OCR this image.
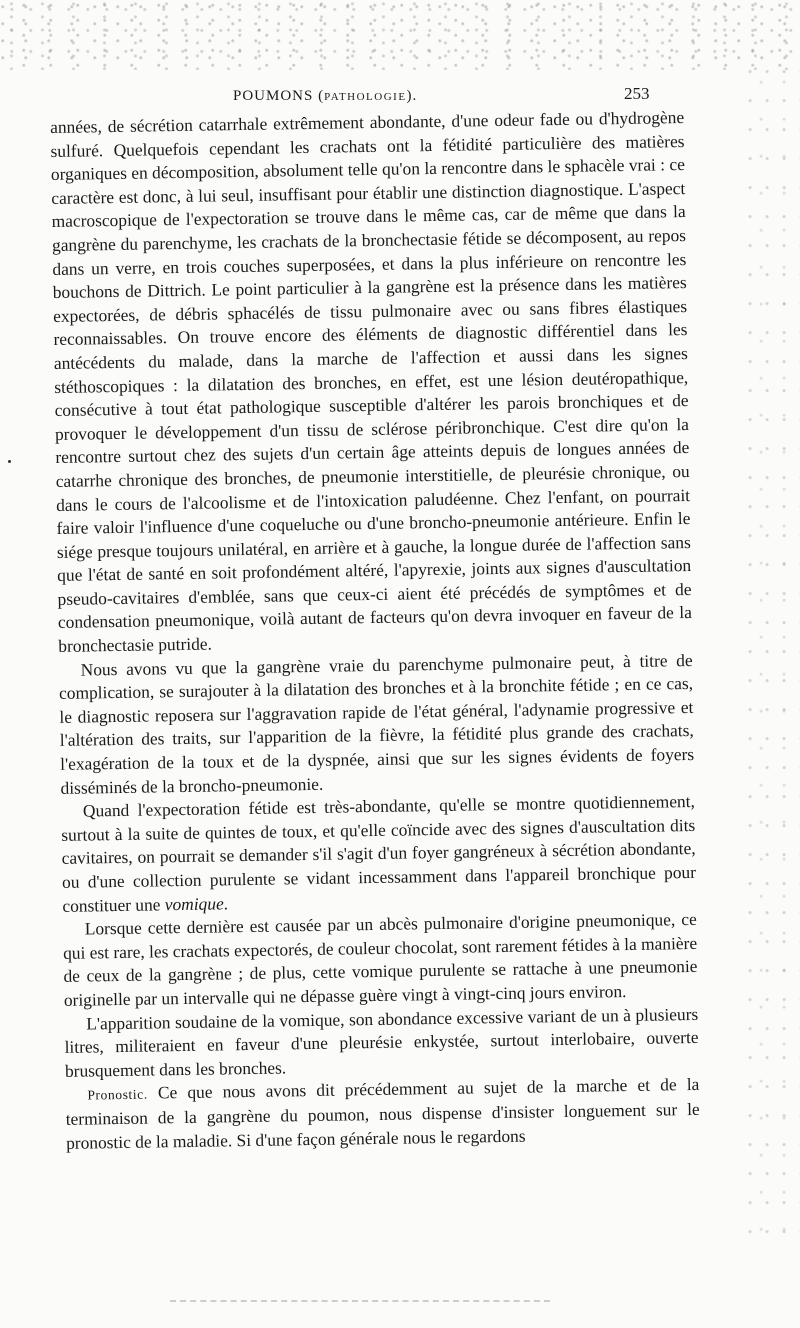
POUMONS (PATHOLOGIE).	253

années, de sécrétion catarrhale extrêmement abondante, d'une odeur fade ou d'hydrogène sulfuré. Quelquefois cependant les crachats ont la fétidité particulière des matières organiques en décomposition, absolument telle qu'on la rencontre dans le sphacèle vrai : ce caractère est donc, à lui seul, insuffisant pour établir une distinction diagnostique. L'aspect macroscopique de l'expectoration se trouve dans le même cas, car de même que dans la gangrène du parenchyme, les crachats de la bronchectasie fétide se décomposent, au repos dans un verre, en trois couches superposées, et dans la plus inférieure on rencontre les bouchons de Dittrich. Le point particulier à la gangrène est la présence dans les matières expectorées, de débris sphacélés de tissu pulmonaire avec ou sans fibres élastiques reconnaissables. On trouve encore des éléments de diagnostic différentiel dans les antécédents du malade, dans la marche de l'affection et aussi dans les signes stéthoscopiques : la dilatation des bronches, en effet, est une lésion deutéropathique, consécutive à tout état pathologique susceptible d'altérer les parois bronchiques et de provoquer le développement d'un tissu de sclérose péribronchique. C'est dire qu'on la rencontre surtout chez des sujets d'un certain âge atteints depuis de longues années de catarrhe chronique des bronches, de pneumonie interstitielle, de pleurésie chronique, ou dans le cours de l'alcoolisme et de l'intoxication paludéenne. Chez l'enfant, on pourrait faire valoir l'influence d'une coqueluche ou d'une broncho-pneumonie antérieure. Enfin le siége presque toujours unilatéral, en arrière et à gauche, la longue durée de l'affection sans que l'état de santé en soit profondément altéré, l'apyrexie, joints aux signes d'auscultation pseudo-cavitaires d'emblée, sans que ceux-ci aient été précédés de symptômes et de condensation pneumonique, voilà autant de facteurs qu'on devra invoquer en faveur de la bronchectasie putride.

Nous avons vu que la gangrène vraie du parenchyme pulmonaire peut, à titre de complication, se surajouter à la dilatation des bronches et à la bronchite fétide ; en ce cas, le diagnostic reposera sur l'aggravation rapide de l'état général, l'adynamie progressive et l'altération des traits, sur l'apparition de la fièvre, la fétidité plus grande des crachats, l'exagération de la toux et de la dyspnée, ainsi que sur les signes évidents de foyers disséminés de la broncho-pneumonie.

Quand l'expectoration fétide est très-abondante, qu'elle se montre quotidiennement, surtout à la suite de quintes de toux, et qu'elle coïncide avec des signes d'auscultation dits cavitaires, on pourrait se demander s'il s'agit d'un foyer gangréneux à sécrétion abondante, ou d'une collection purulente se vidant incessamment dans l'appareil bronchique pour constituer une vomique.

Lorsque cette dernière est causée par un abcès pulmonaire d'origine pneumonique, ce qui est rare, les crachats expectorés, de couleur chocolat, sont rarement fétides à la manière de ceux de la gangrène ; de plus, cette vomique purulente se rattache à une pneumonie originelle par un intervalle qui ne dépasse guère vingt à vingt-cinq jours environ.

L'apparition soudaine de la vomique, son abondance excessive variant de un à plusieurs litres, militeraient en faveur d'une pleurésie enkystée, surtout interlobaire, ouverte brusquement dans les bronches.

Pronostic. Ce que nous avons dit précédemment au sujet de la marche et de la terminaison de la gangrène du poumon, nous dispense d'insister longuement sur le pronostic de la maladie. Si d'une façon générale nous le regardons
